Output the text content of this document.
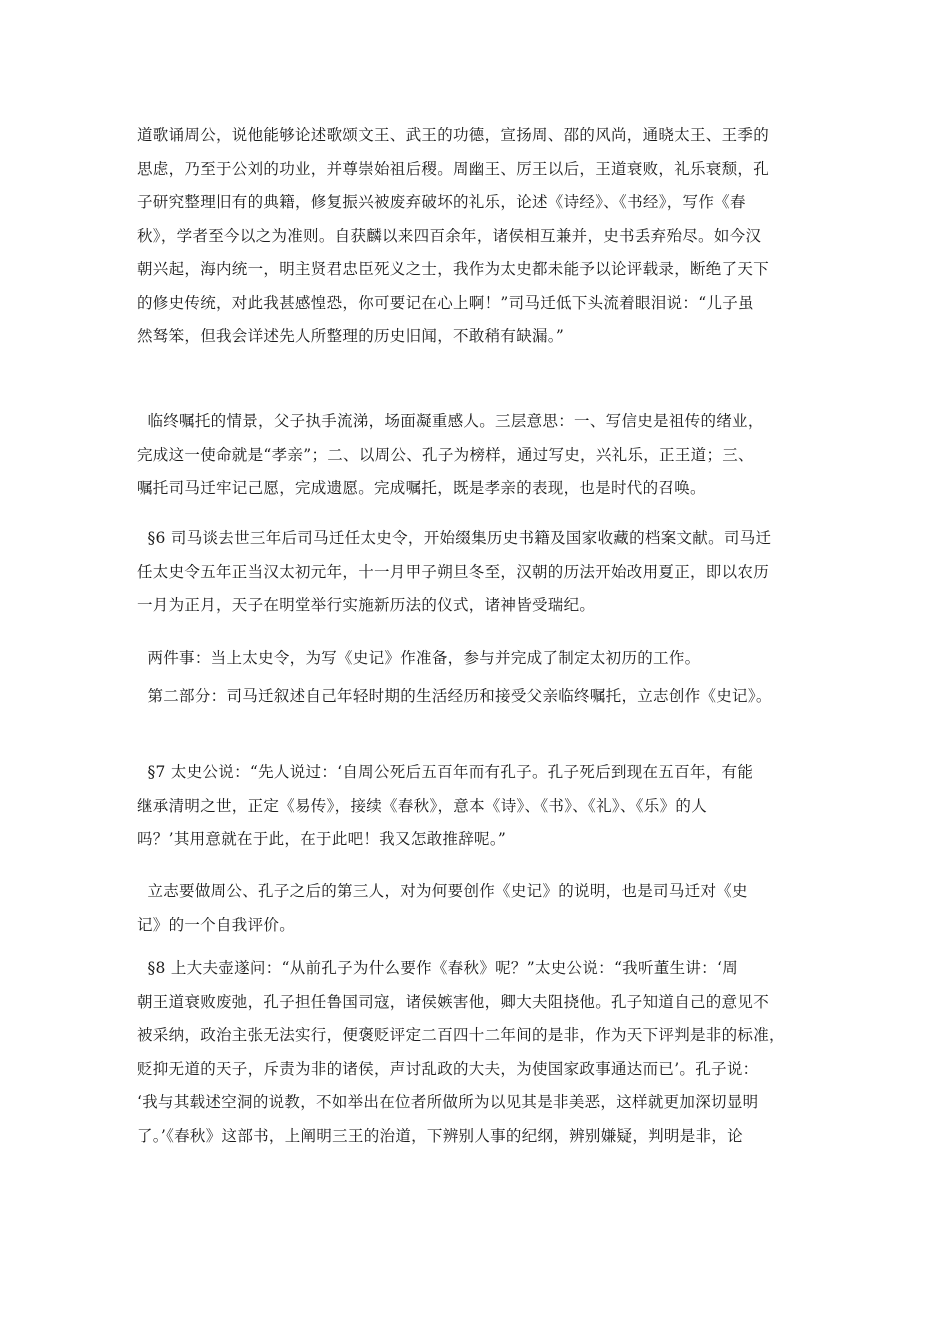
道歌诵周公，说他能够论述歌颂文王、武王的功德，宣扬周、邵的风尚，通晓太王、王季的
思虑，乃至于公刘的功业，并尊崇始祖后稷。周幽王、厉王以后，王道衰败，礼乐衰颓，孔
子研究整理旧有的典籍，修复振兴被废弃破坏的礼乐，论述《诗经》、《书经》，写作《春
秋》，学者至今以之为准则。自获麟以来四百余年，诸侯相互兼并，史书丢弃殆尽。如今汉
朝兴起，海内统一，明主贤君忠臣死义之士，我作为太史都未能予以论评载录，断绝了天下
的修史传统，对此我甚感惶恐，你可要记在心上啊！”司马迁低下头流着眼泪说：“儿子虽
然驽笨，但我会详述先人所整理的历史旧闻，不敢稍有缺漏。”
临终嘱托的情景，父子执手流涕，场面凝重感人。三层意思：一、写信史是祖传的绪业，
完成这一使命就是“孝亲”；二、以周公、孔子为榜样，通过写史，兴礼乐，正王道；三、
嘱托司马迁牢记己愿，完成遗愿。完成嘱托，既是孝亲的表现，也是时代的召唤。
§6 司马谈去世三年后司马迁任太史令，开始缀集历史书籍及国家收藏的档案文献。司马迁
任太史令五年正当汉太初元年，十一月甲子朔旦冬至，汉朝的历法开始改用夏正，即以农历
一月为正月，天子在明堂举行实施新历法的仪式，诸神皆受瑞纪。
两件事：当上太史令，为写《史记》作准备，参与并完成了制定太初历的工作。
第二部分：司马迁叙述自己年轻时期的生活经历和接受父亲临终嘱托，立志创作《史记》。
§7 太史公说：“先人说过：‘自周公死后五百年而有孔子。孔子死后到现在五百年，有能
继承清明之世，正定《易传》，接续《春秋》，意本《诗》、《书》、《礼》、《乐》的人
吗？’其用意就在于此，在于此吧！我又怎敢推辞呢。”
立志要做周公、孔子之后的第三人，对为何要创作《史记》的说明，也是司马迁对《史
记》的一个自我评价。
§8 上大夫壶遂问：“从前孔子为什么要作《春秋》呢？”太史公说：“我听董生讲：‘周
朝王道衰败废弛，孔子担任鲁国司寇，诸侯嫉害他，卿大夫阻挠他。孔子知道自己的意见不
被采纳，政治主张无法实行，便褒贬评定二百四十二年间的是非，作为天下评判是非的标准，
贬抑无道的天子，斥责为非的诸侯，声讨乱政的大夫，为使国家政事通达而已’。孔子说：
‘我与其载述空洞的说教，不如举出在位者所做所为以见其是非美恶，这样就更加深切显明
了。’《春秋》这部书，上阐明三王的治道，下辨别人事的纪纲，辨别嫌疑，判明是非，论
